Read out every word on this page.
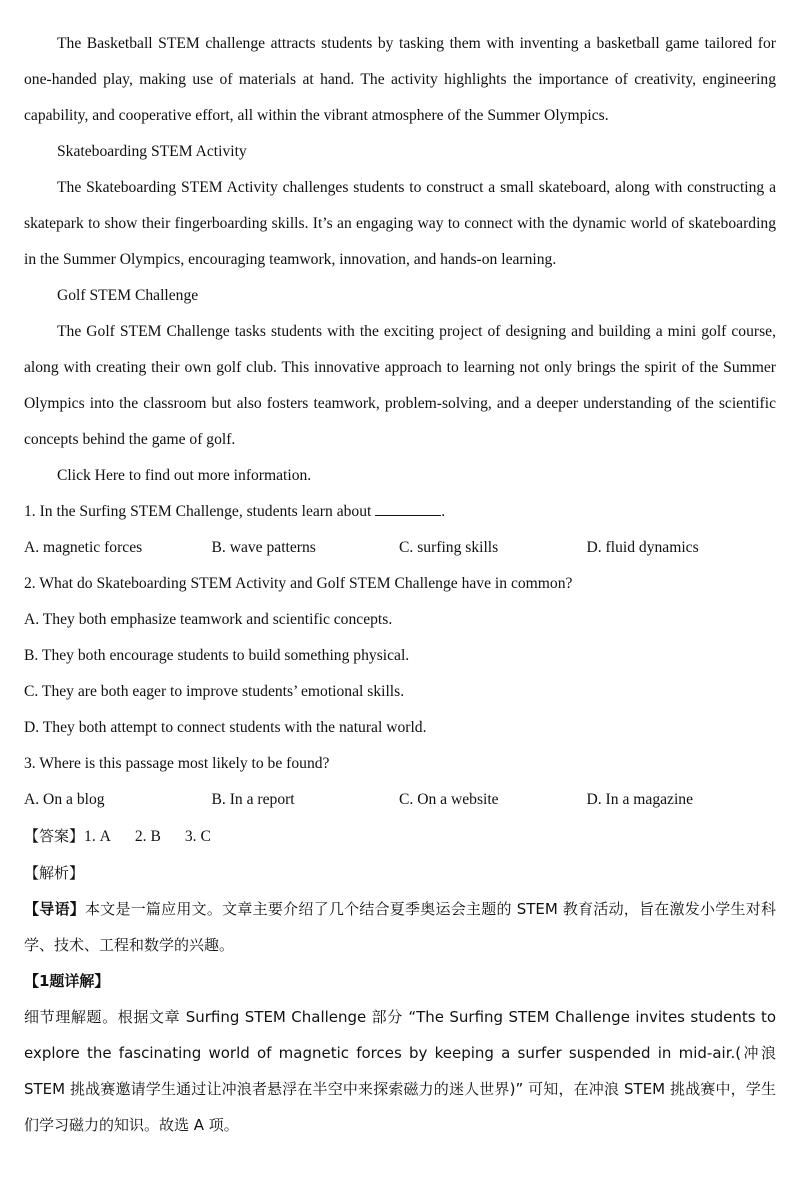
The Basketball STEM challenge attracts students by tasking them with inventing a basketball game tailored for one-handed play, making use of materials at hand. The activity highlights the importance of creativity, engineering capability, and cooperative effort, all within the vibrant atmosphere of the Summer Olympics.

Skateboarding STEM Activity

The Skateboarding STEM Activity challenges students to construct a small skateboard, along with constructing a skatepark to show their fingerboarding skills. It’s an engaging way to connect with the dynamic world of skateboarding in the Summer Olympics, encouraging teamwork, innovation, and hands-on learning.

Golf STEM Challenge

The Golf STEM Challenge tasks students with the exciting project of designing and building a mini golf course, along with creating their own golf club. This innovative approach to learning not only brings the spirit of the Summer Olympics into the classroom but also fosters teamwork, problem-solving, and a deeper understanding of the scientific concepts behind the game of golf.

Click Here to find out more information.

1. In the Surfing STEM Challenge, students learn about	.

A. magnetic forces	B. wave patterns	C. surfing skills	D. fluid dynamics

2. What do Skateboarding STEM Activity and Golf STEM Challenge have in common?

A. They both emphasize teamwork and scientific concepts.

B. They both encourage students to build something physical.

C. They are both eager to improve students’ emotional skills.

D. They both attempt to connect students with the natural world.

3. Where is this passage most likely to be found?

A. On a blog	B. In a report	C. On a website	D. In a magazine

【答案】1. A 2. B 3. C

【解析】

【导语】本文是一篇应用文。文章主要介绍了几个结合夏季奥运会主题的 STEM 教育活动，旨在激发小学生对科学、技术、工程和数学的兴趣。

【1题详解】

细节理解题。根据文章 Surfing STEM Challenge 部分 “The Surfing STEM Challenge invites students to explore the fascinating world of magnetic forces by keeping a surfer suspended in mid-air.(冲浪 STEM 挑战赛邀请学生通过让冲浪者悬浮在半空中来探索磁力的迷人世界)” 可知，在冲浪 STEM 挑战赛中，学生们学习磁力的知识。故选 A 项。
